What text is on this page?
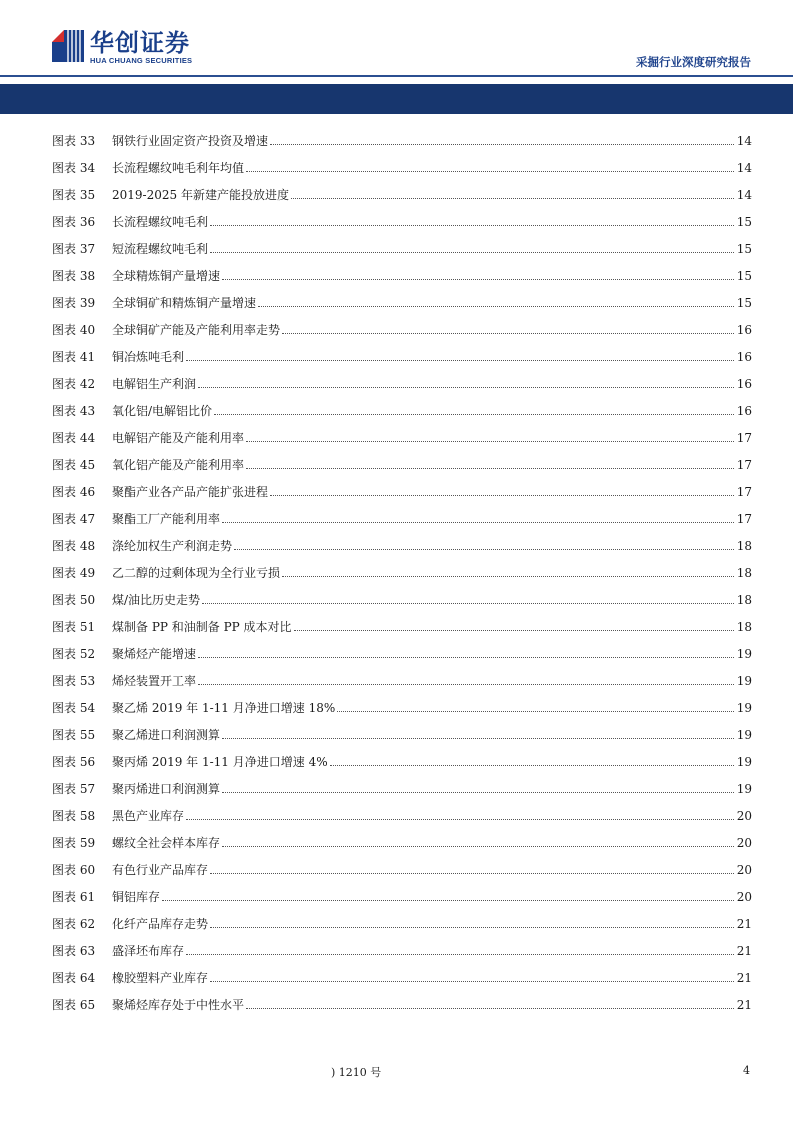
华创证券
HUA CHUANG SECURITIES	采掘行业深度研究报告
图表 33	钢铁行业固定资产投资及增速	14
图表 34	长流程螺纹吨毛利年均值	14
图表 35	2019-2025 年新建产能投放进度	14
图表 36	长流程螺纹吨毛利	15
图表 37	短流程螺纹吨毛利	15
图表 38	全球精炼铜产量增速	15
图表 39	全球铜矿和精炼铜产量增速	15
图表 40	全球铜矿产能及产能利用率走势	16
图表 41	铜冶炼吨毛利	16
图表 42	电解铝生产利润	16
图表 43	氧化铝/电解铝比价	16
图表 44	电解铝产能及产能利用率	17
图表 45	氧化铝产能及产能利用率	17
图表 46	聚酯产业各产品产能扩张进程	17
图表 47	聚酯工厂产能利用率	17
图表 48	涤纶加权生产利润走势	18
图表 49	乙二醇的过剩体现为全行业亏损	18
图表 50	煤/油比历史走势	18
图表 51	煤制备 PP 和油制备 PP 成本对比	18
图表 52	聚烯烃产能增速	19
图表 53	烯烃装置开工率	19
图表 54	聚乙烯 2019 年 1-11 月净进口增速 18%	19
图表 55	聚乙烯进口利润测算	19
图表 56	聚丙烯 2019 年 1-11 月净进口增速 4%	19
图表 57	聚丙烯进口利润测算	19
图表 58	黑色产业库存	20
图表 59	螺纹全社会样本库存	20
图表 60	有色行业产品库存	20
图表 61	铜铝库存	20
图表 62	化纤产品库存走势	21
图表 63	盛泽坯布库存	21
图表 64	橡胶塑料产业库存	21
图表 65	聚烯烃库存处于中性水平	21
) 1210 号	4
